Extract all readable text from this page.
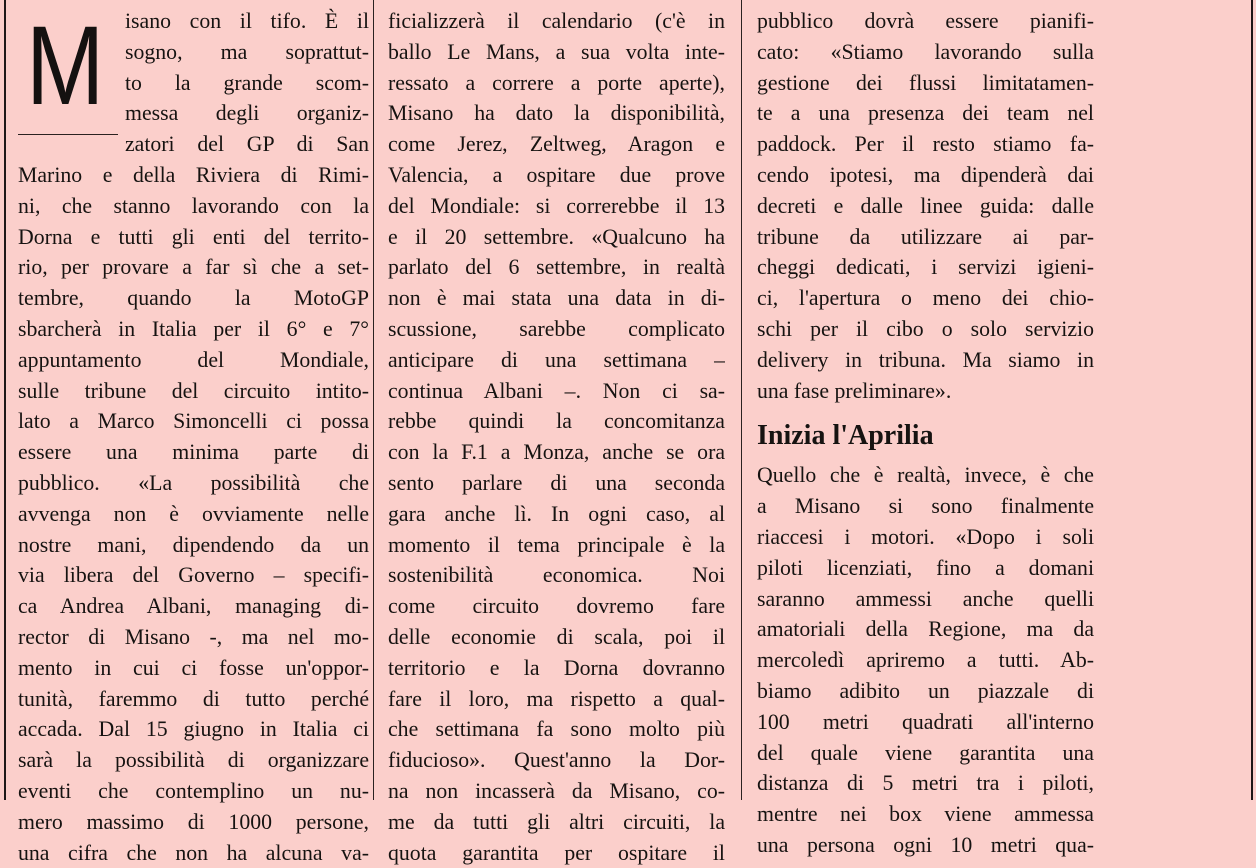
M isano con il tifo. È il
sogno, ma soprattut-
to la grande scom-
messa degli organiz-
zatori del GP di San
Marino e della Riviera di Rimi-
ni, che stanno lavorando con la
Dorna e tutti gli enti del territo-
rio, per provare a far sì che a set-
tembre, quando la MotoGP
sbarcherà in Italia per il 6° e 7°
appuntamento del Mondiale,
sulle tribune del circuito intito-
lato a Marco Simoncelli ci possa
essere una minima parte di
pubblico. «La possibilità che
avvenga non è ovviamente nelle
nostre mani, dipendendo da un
via libera del Governo – specifi-
ca Andrea Albani, managing di-
rector di Misano -, ma nel mo-
mento in cui ci fosse un'oppor-
tunità, faremmo di tutto perché
accada. Dal 15 giugno in Italia ci
sarà la possibilità di organizzare
eventi che contemplino un nu-
mero massimo di 1000 persone,
una cifra che non ha alcuna va-
ficializzerà il calendario (c'è in
ballo Le Mans, a sua volta inte-
ressato a correre a porte aperte),
Misano ha dato la disponibilità,
come Jerez, Zeltweg, Aragon e
Valencia, a ospitare due prove
del Mondiale: si correrebbe il 13
e il 20 settembre. «Qualcuno ha
parlato del 6 settembre, in realtà
non è mai stata una data in di-
scussione, sarebbe complicato
anticipare di una settimana –
continua Albani –. Non ci sa-
rebbe quindi la concomitanza
con la F.1 a Monza, anche se ora
sento parlare di una seconda
gara anche lì. In ogni caso, al
momento il tema principale è la
sostenibilità economica. Noi
come circuito dovremo fare
delle economie di scala, poi il
territorio e la Dorna dovranno
fare il loro, ma rispetto a qual-
che settimana fa sono molto più
fiducioso». Quest'anno la Dor-
na non incasserà da Misano, co-
me da tutti gli altri circuiti, la
quota garantita per ospitare il
pubblico dovrà essere pianifi-
cato: «Stiamo lavorando sulla
gestione dei flussi limitatamen-
te a una presenza dei team nel
paddock. Per il resto stiamo fa-
cendo ipotesi, ma dipenderà dai
decreti e dalle linee guida: dalle
tribune da utilizzare ai par-
cheggi dedicati, i servizi igieni-
ci, l'apertura o meno dei chio-
schi per il cibo o solo servizio
delivery in tribuna. Ma siamo in
una fase preliminare».
Inizia l'Aprilia
Quello che è realtà, invece, è che
a Misano si sono finalmente
riaccesi i motori. «Dopo i soli
piloti licenziati, fino a domani
saranno ammessi anche quelli
amatoriali della Regione, ma da
mercoledì apriremo a tutti. Ab-
biamo adibito un piazzale di
100 metri quadrati all'interno
del quale viene garantita una
distanza di 5 metri tra i piloti,
mentre nei box viene ammessa
una persona ogni 10 metri qua-
